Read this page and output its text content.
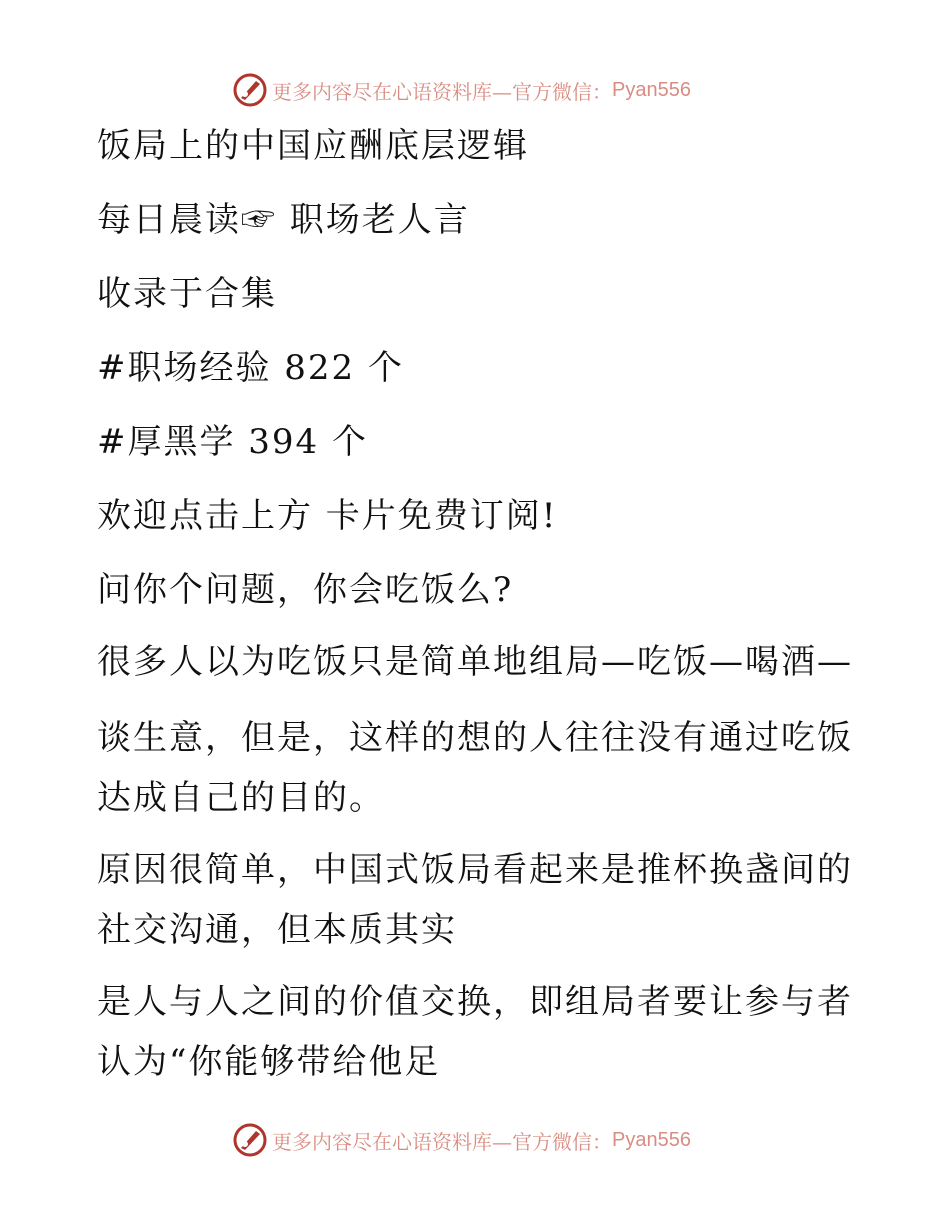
更多内容尽在心语资料库—官方微信： Pyan556
饭局上的中国应酬底层逻辑
每日晨读☞ 职场老人言
收录于合集
#职场经验 822 个
#厚黑学 394 个
欢迎点击上方 卡片免费订阅!
问你个问题，你会吃饭么?
很多人以为吃饭只是简单地组局—吃饭—喝酒—
谈生意，但是，这样的想的人往往没有通过吃饭
达成自己的目的。
原因很简单，中国式饭局看起来是推杯换盏间的
社交沟通，但本质其实
是人与人之间的价值交换，即组局者要让参与者
认为“你能够带给他足
更多内容尽在心语资料库—官方微信： Pyan556
